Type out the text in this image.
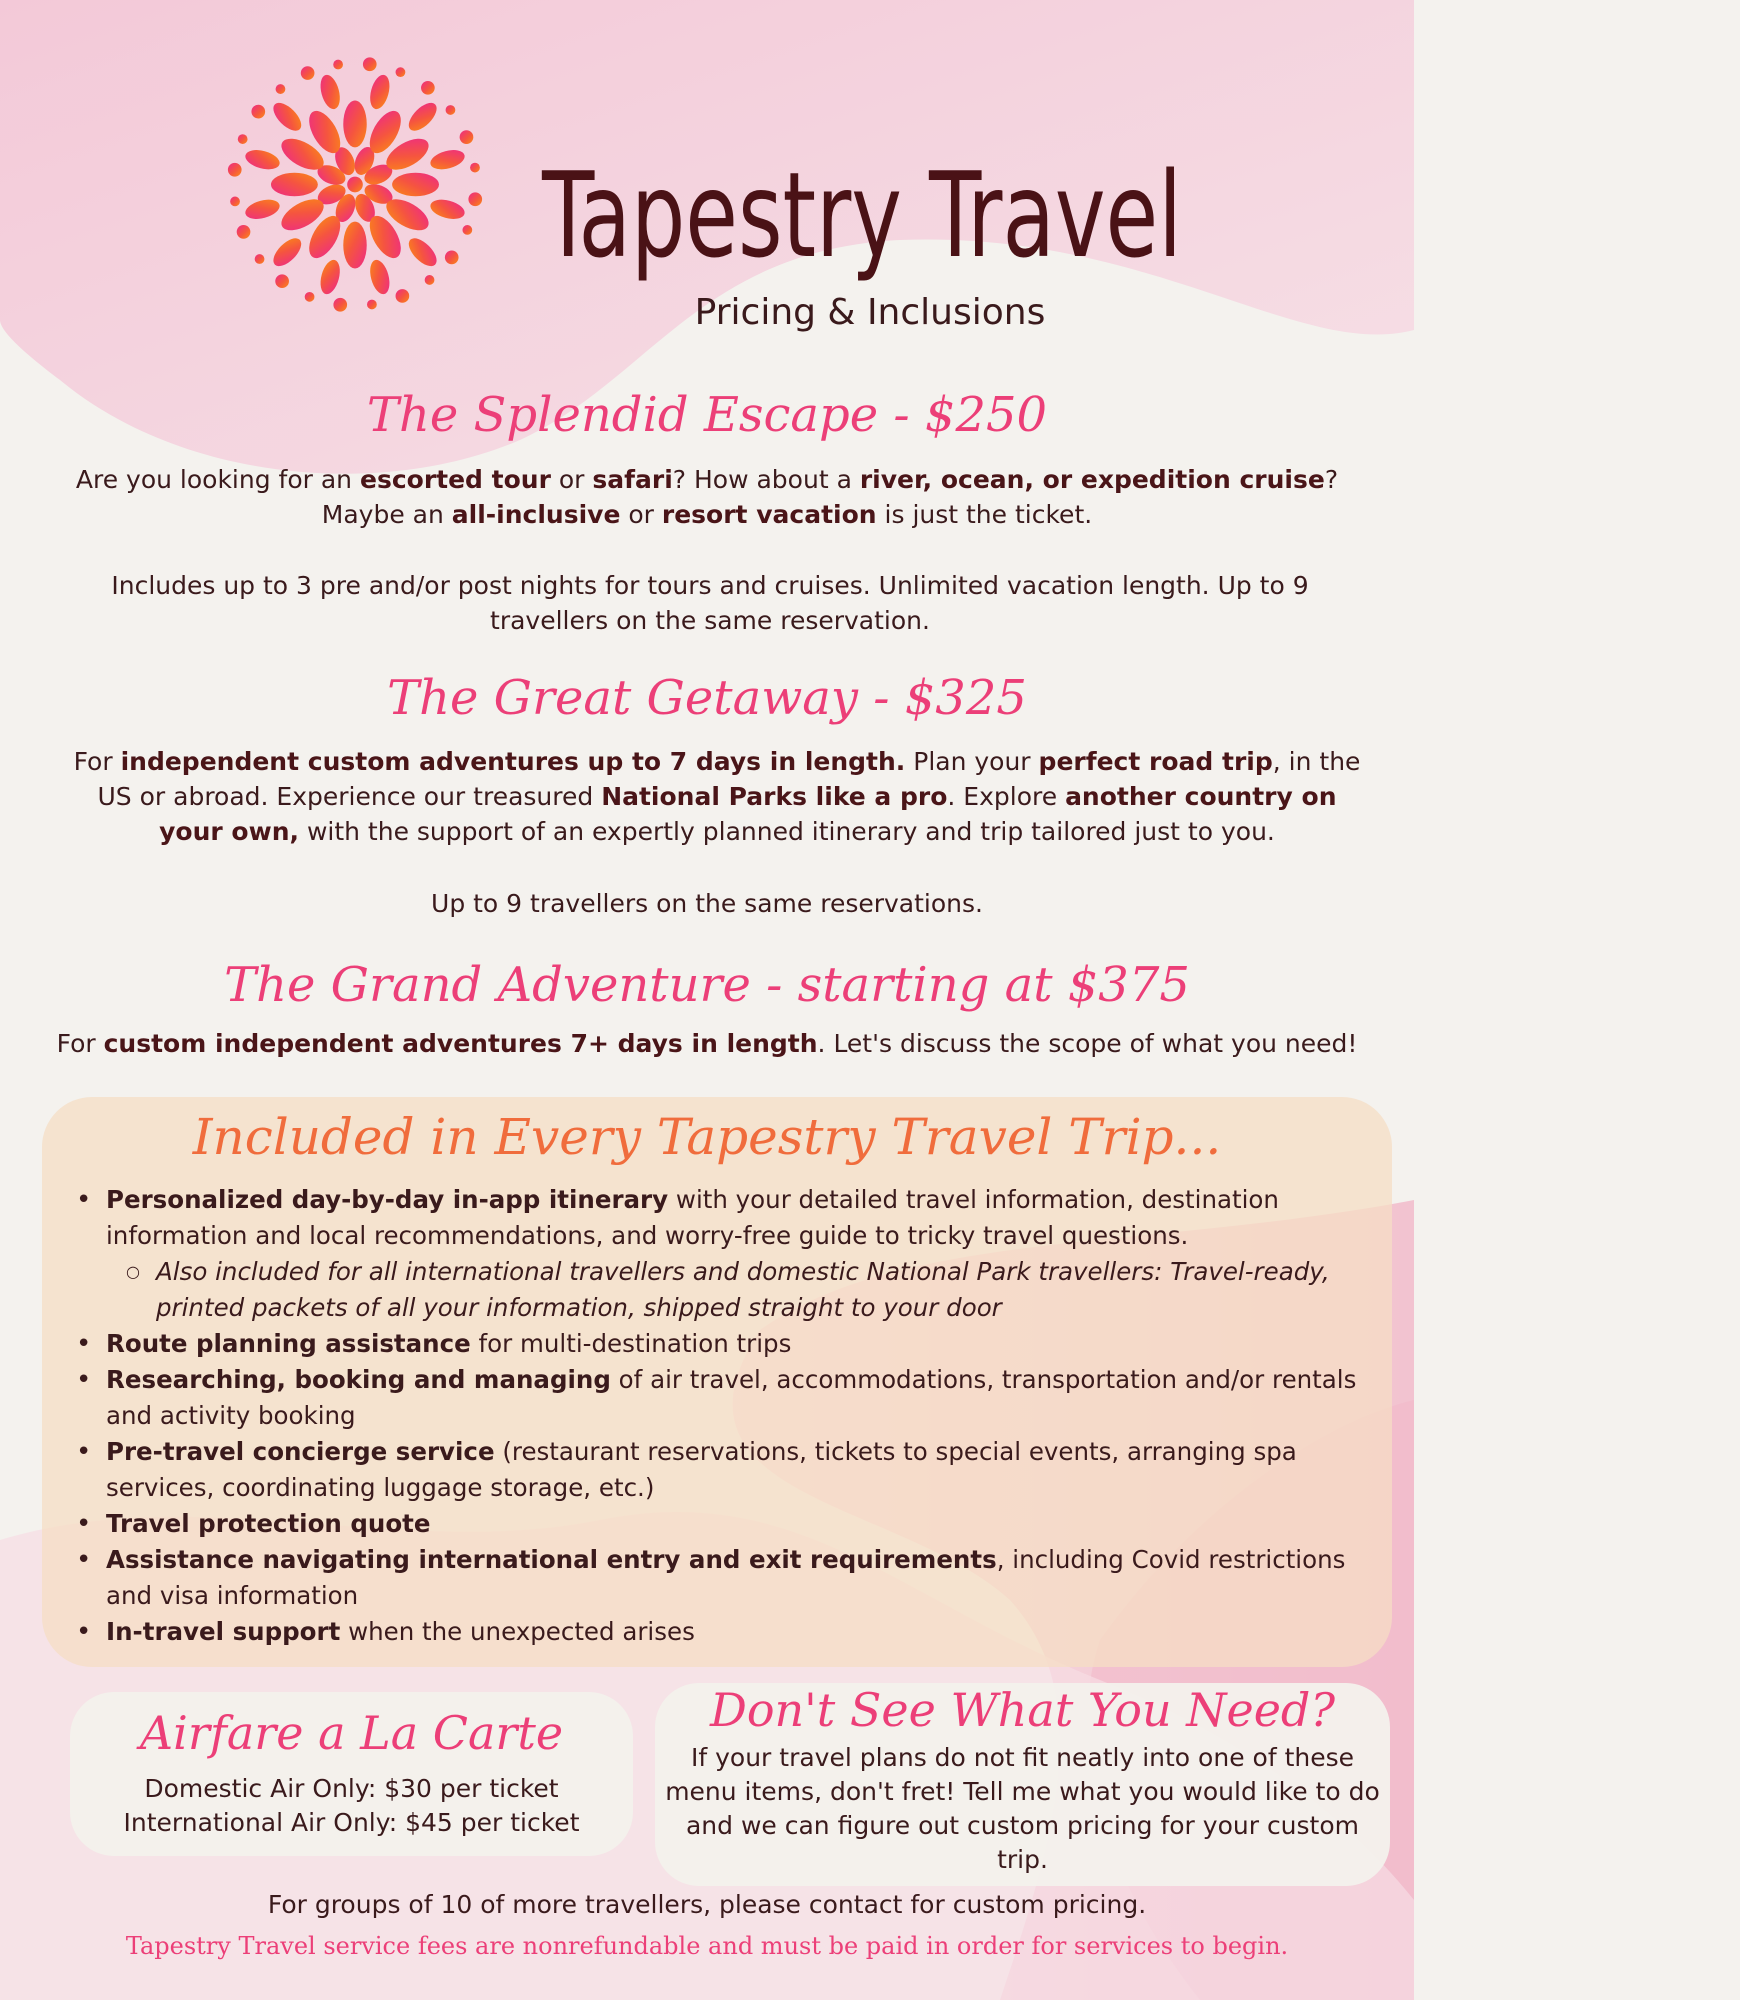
Tapestry Travel
Pricing & Inclusions
The Splendid Escape - $250
Are you looking for an escorted tour or safari? How about a river, ocean, or expedition cruise? Maybe an all-inclusive or resort vacation is just the ticket.
Includes up to 3 pre and/or post nights for tours and cruises. Unlimited vacation length. Up to 9 travellers on the same reservation.
The Great Getaway - $325
For independent custom adventures up to 7 days in length. Plan your perfect road trip, in the US or abroad. Experience our treasured National Parks like a pro. Explore another country on your own, with the support of an expertly planned itinerary and trip tailored just to you.
Up to 9 travellers on the same reservations.
The Grand Adventure - starting at $375
For custom independent adventures 7+ days in length. Let's discuss the scope of what you need!
Included in Every Tapestry Travel Trip...
• Personalized day-by-day in-app itinerary with your detailed travel information, destination information and local recommendations, and worry-free guide to tricky travel questions.
○ Also included for all international travellers and domestic National Park travellers: Travel-ready, printed packets of all your information, shipped straight to your door
• Route planning assistance for multi-destination trips
• Researching, booking and managing of air travel, accommodations, transportation and/or rentals and activity booking
• Pre-travel concierge service (restaurant reservations, tickets to special events, arranging spa services, coordinating luggage storage, etc.)
• Travel protection quote
• Assistance navigating international entry and exit requirements, including Covid restrictions and visa information
• In-travel support when the unexpected arises
Airfare a La Carte
Domestic Air Only: $30 per ticket
International Air Only: $45 per ticket
Don't See What You Need?
If your travel plans do not fit neatly into one of these menu items, don't fret! Tell me what you would like to do and we can figure out custom pricing for your custom trip.
For groups of 10 of more travellers, please contact for custom pricing.
Tapestry Travel service fees are nonrefundable and must be paid in order for services to begin.
